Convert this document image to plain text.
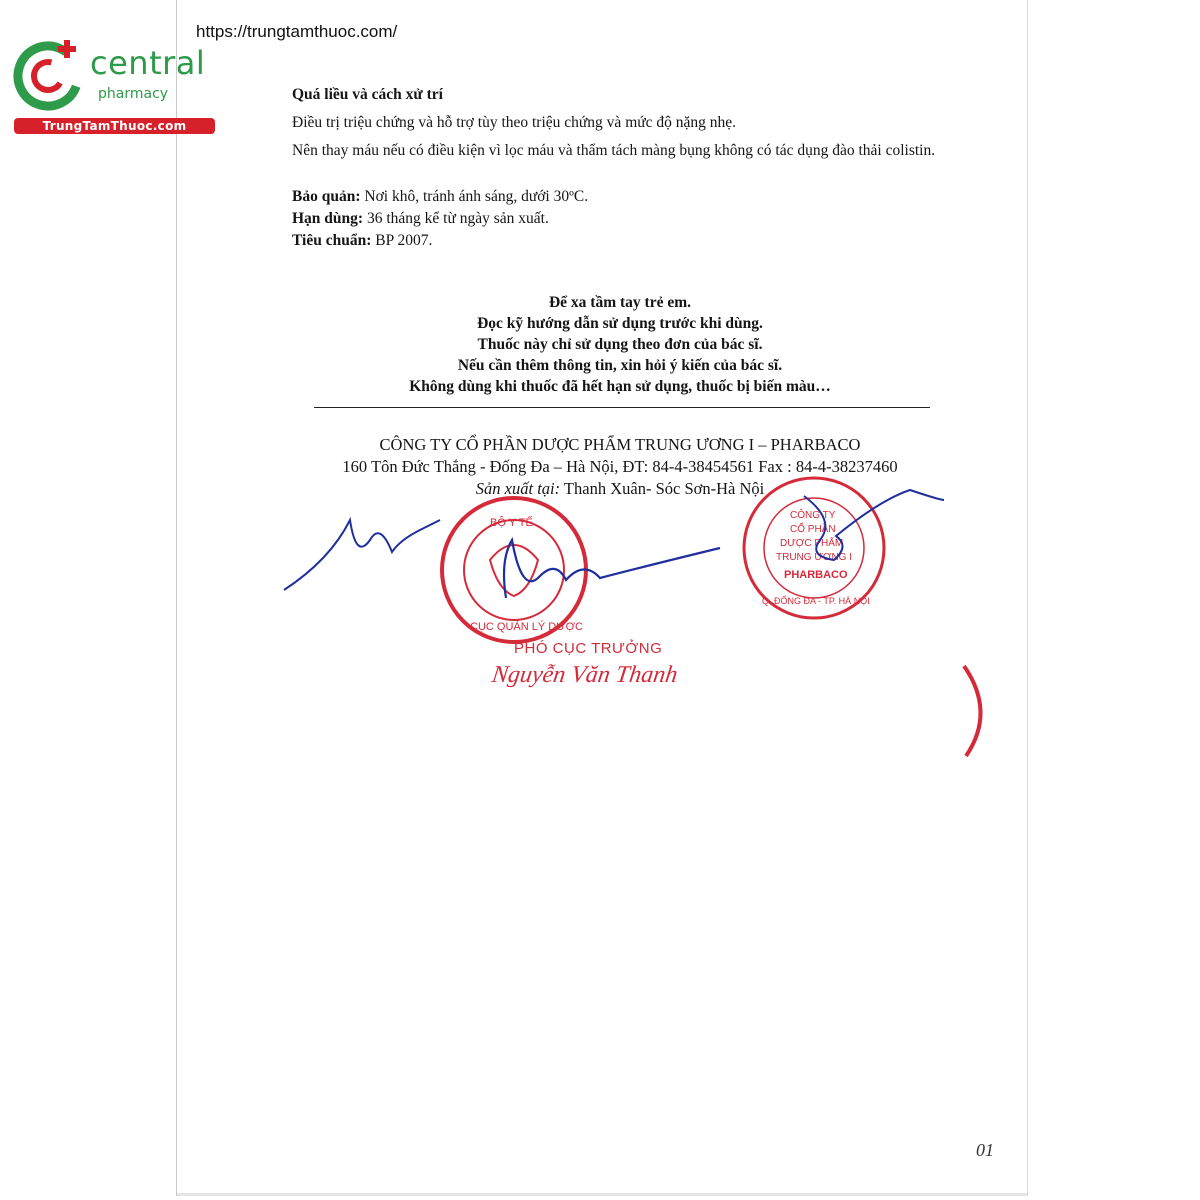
https://trungtamthuoc.com/
central
pharmacy
TrungTamThuoc.com
Quá liều và cách xử trí
Điều trị triệu chứng và hỗ trợ tùy theo triệu chứng và mức độ nặng nhẹ.
Nên thay máu nếu có điều kiện vì lọc máu và thẩm tách màng bụng không có tác dụng đào thải colistin.
Bảo quản: Nơi khô, tránh ánh sáng, dưới 30ºC.
Hạn dùng: 36 tháng kể từ ngày sản xuất.
Tiêu chuẩn: BP 2007.
Để xa tầm tay trẻ em.
Đọc kỹ hướng dẫn sử dụng trước khi dùng.
Thuốc này chỉ sử dụng theo đơn của bác sĩ.
Nếu cần thêm thông tin, xin hỏi ý kiến của bác sĩ.
Không dùng khi thuốc đã hết hạn sử dụng, thuốc bị biến màu…
CÔNG TY CỔ PHẦN DƯỢC PHẨM TRUNG ƯƠNG I – PHARBACO
160 Tôn Đức Thắng - Đống Đa – Hà Nội, ĐT: 84-4-38454561 Fax : 84-4-38237460
Sản xuất tại: Thanh Xuân- Sóc Sơn-Hà Nội
BỘ Y TẾ
CỤC QUẢN LÝ DƯỢC
CÔNG TY
CỔ PHẦN
DƯỢC PHẨM
TRUNG ƯƠNG I
PHARBACO
Q. ĐỐNG ĐA - TP. HÀ NỘI
PHÓ CỤC TRƯỞNG
Nguyễn Văn Thanh
01
